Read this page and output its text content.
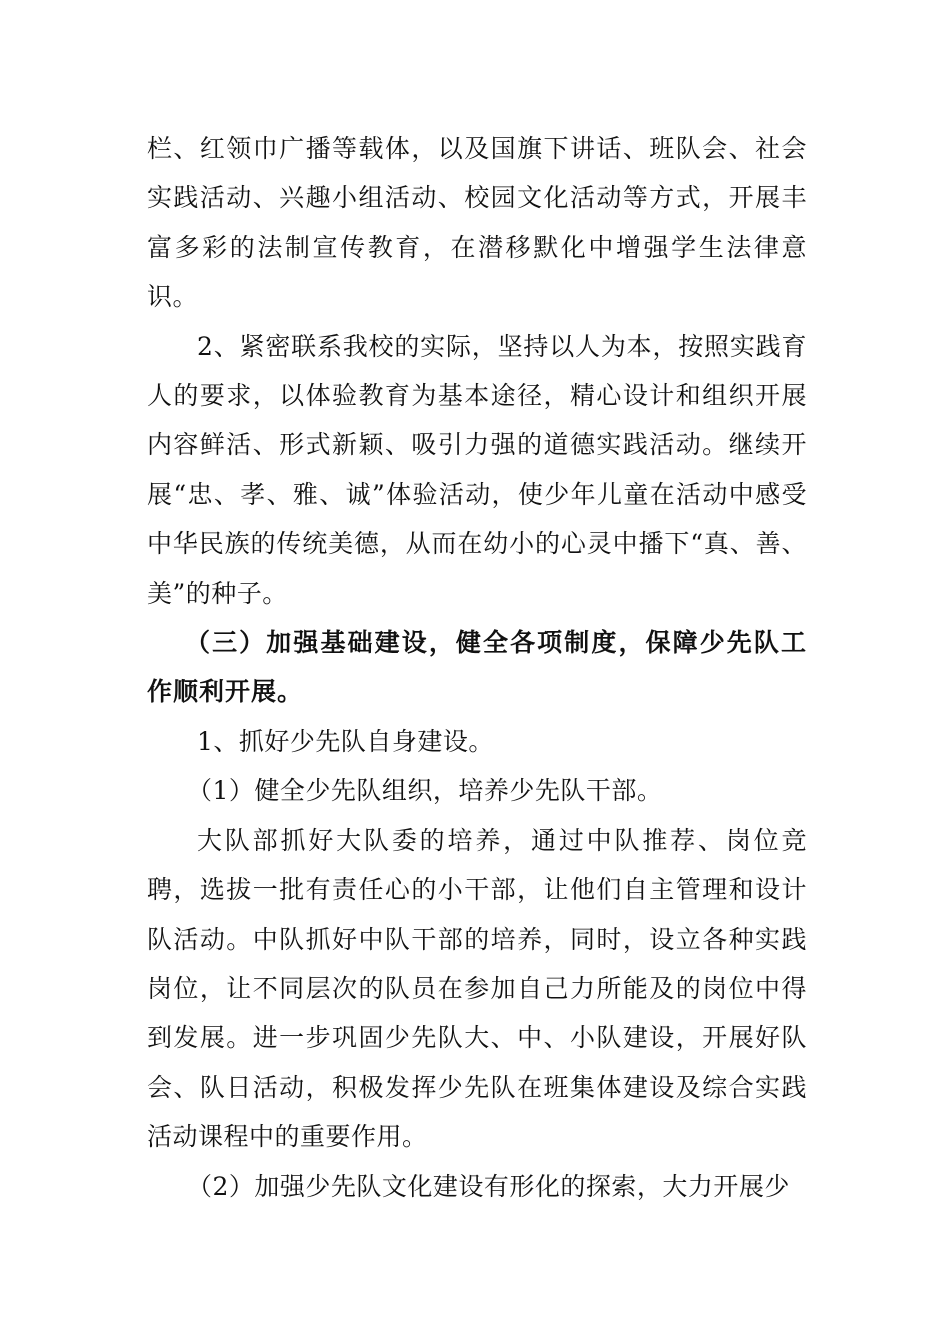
栏、红领巾广播等载体，以及国旗下讲话、班队会、社会实践活动、兴趣小组活动、校园文化活动等方式，开展丰富多彩的法制宣传教育，在潜移默化中增强学生法律意识。

2、紧密联系我校的实际，坚持以人为本，按照实践育人的要求，以体验教育为基本途径，精心设计和组织开展内容鲜活、形式新颖、吸引力强的道德实践活动。继续开展“忠、孝、雅、诚”体验活动，使少年儿童在活动中感受中华民族的传统美德，从而在幼小的心灵中播下“真、善、美”的种子。

（三）加强基础建设，健全各项制度，保障少先队工作顺利开展。

1、抓好少先队自身建设。

（1）健全少先队组织，培养少先队干部。

大队部抓好大队委的培养，通过中队推荐、岗位竞聘，选拔一批有责任心的小干部，让他们自主管理和设计队活动。中队抓好中队干部的培养，同时，设立各种实践岗位，让不同层次的队员在参加自己力所能及的岗位中得到发展。进一步巩固少先队大、中、小队建设，开展好队会、队日活动，积极发挥少先队在班集体建设及综合实践活动课程中的重要作用。

（2）加强少先队文化建设有形化的探索，大力开展少
